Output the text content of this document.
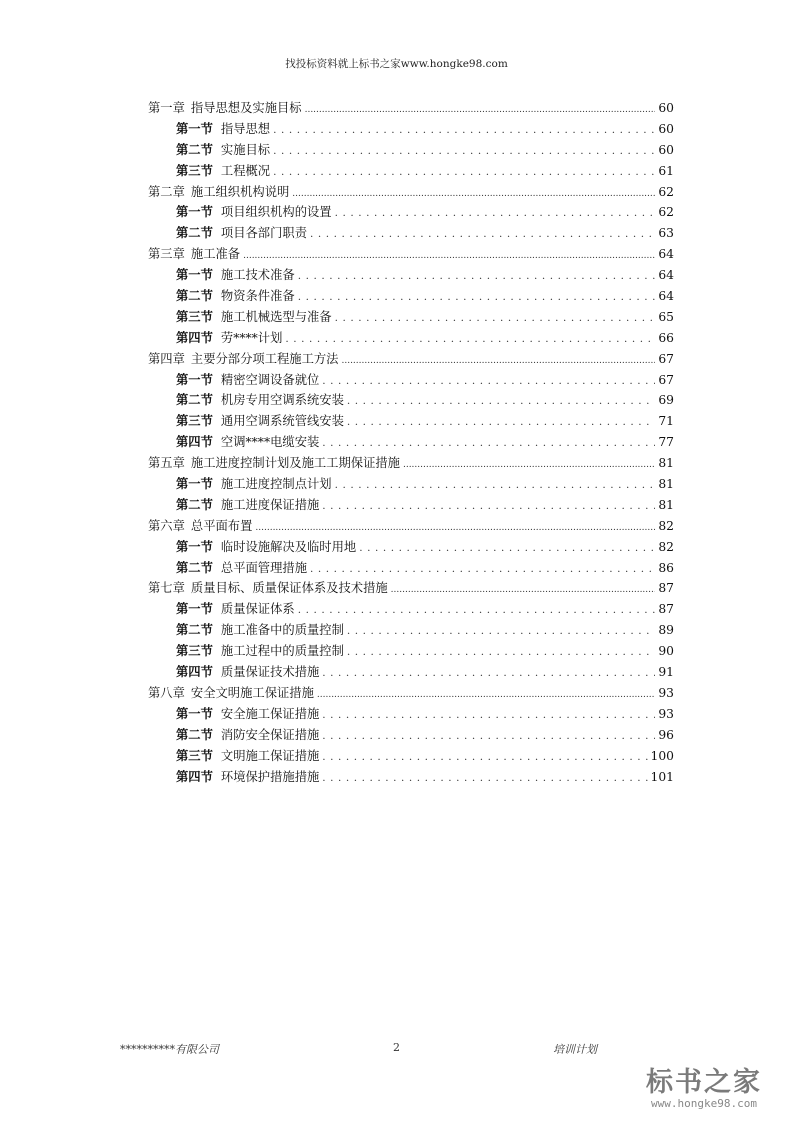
找投标资料就上标书之家www.hongke98.com
第一章 指导思想及实施目标 .....	60
第一节 指导思想 . . .	60
第二节 实施目标 . . .	60
第三节 工程概况 . . .	61
第二章 施工组织机构说明 .....	62
第一节 项目组织机构的设置 . . .	62
第二节 项目各部门职责 . . .	63
第三章 施工准备 .....	64
第一节 施工技术准备 . . .	64
第二节 物资条件准备 . . .	64
第三节 施工机械选型与准备 . . .	65
第四节 劳****计划 . . .	66
第四章 主要分部分项工程施工方法 .....	67
第一节 精密空调设备就位 . . .	67
第二节 机房专用空调系统安装 . . .	69
第三节 通用空调系统管线安装 . . .	71
第四节 空调****电缆安装 . . .	77
第五章 施工进度控制计划及施工工期保证措施 .....	81
第一节 施工进度控制点计划 . . .	81
第二节 施工进度保证措施 . . .	81
第六章 总平面布置 .....	82
第一节 临时设施解决及临时用地 . . .	82
第二节 总平面管理措施 . . .	86
第七章 质量目标、质量保证体系及技术措施 .....	87
第一节 质量保证体系 . . .	87
第二节 施工准备中的质量控制 . . .	89
第三节 施工过程中的质量控制 . . .	90
第四节 质量保证技术措施 . . .	91
第八章 安全文明施工保证措施 .....	93
第一节 安全施工保证措施 . . .	93
第二节 消防安全保证措施 . . .	96
第三节 文明施工保证措施 . . .	100
第四节 环境保护措施措施 . . .	101
**********有限公司	2	培训计划
标书之家
www.hongke98.com
